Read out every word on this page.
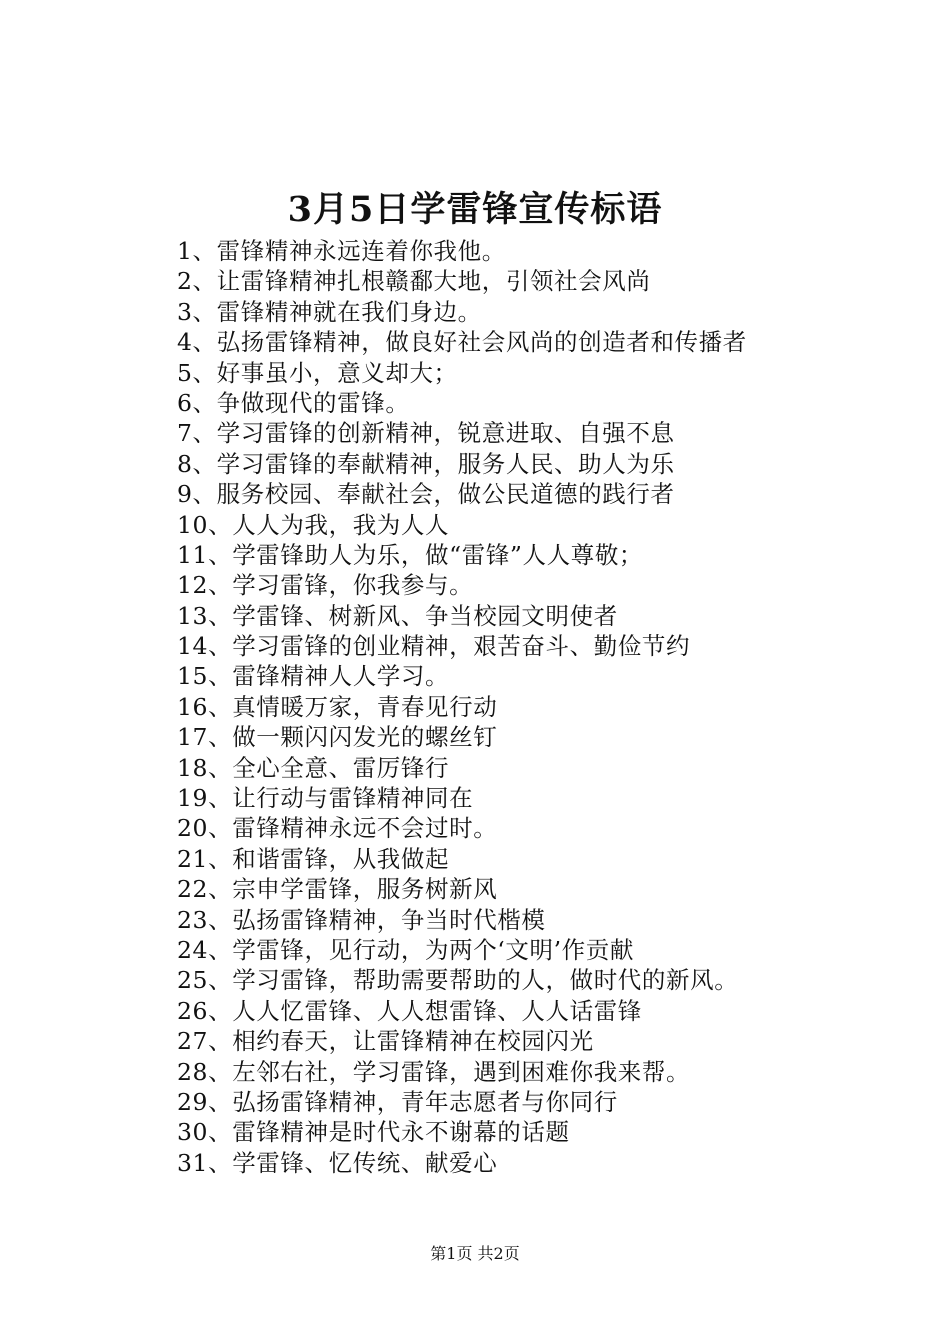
3月5日学雷锋宣传标语
1、雷锋精神永远连着你我他。
2、让雷锋精神扎根赣鄱大地，引领社会风尚
3、雷锋精神就在我们身边。
4、弘扬雷锋精神，做良好社会风尚的创造者和传播者
5、好事虽小，意义却大；
6、争做现代的雷锋。
7、学习雷锋的创新精神，锐意进取、自强不息
8、学习雷锋的奉献精神，服务人民、助人为乐
9、服务校园、奉献社会，做公民道德的践行者
10、人人为我，我为人人
11、学雷锋助人为乐，做“雷锋”人人尊敬；
12、学习雷锋，你我参与。
13、学雷锋、树新风、争当校园文明使者
14、学习雷锋的创业精神，艰苦奋斗、勤俭节约
15、雷锋精神人人学习。
16、真情暖万家，青春见行动
17、做一颗闪闪发光的螺丝钉
18、全心全意、雷厉锋行
19、让行动与雷锋精神同在
20、雷锋精神永远不会过时。
21、和谐雷锋，从我做起
22、宗申学雷锋，服务树新风
23、弘扬雷锋精神，争当时代楷模
24、学雷锋，见行动，为两个‘文明’作贡献
25、学习雷锋，帮助需要帮助的人，做时代的新风。
26、人人忆雷锋、人人想雷锋、人人话雷锋
27、相约春天，让雷锋精神在校园闪光
28、左邻右社，学习雷锋，遇到困难你我来帮。
29、弘扬雷锋精神，青年志愿者与你同行
30、雷锋精神是时代永不谢幕的话题
31、学雷锋、忆传统、献爱心
第1页 共2页
